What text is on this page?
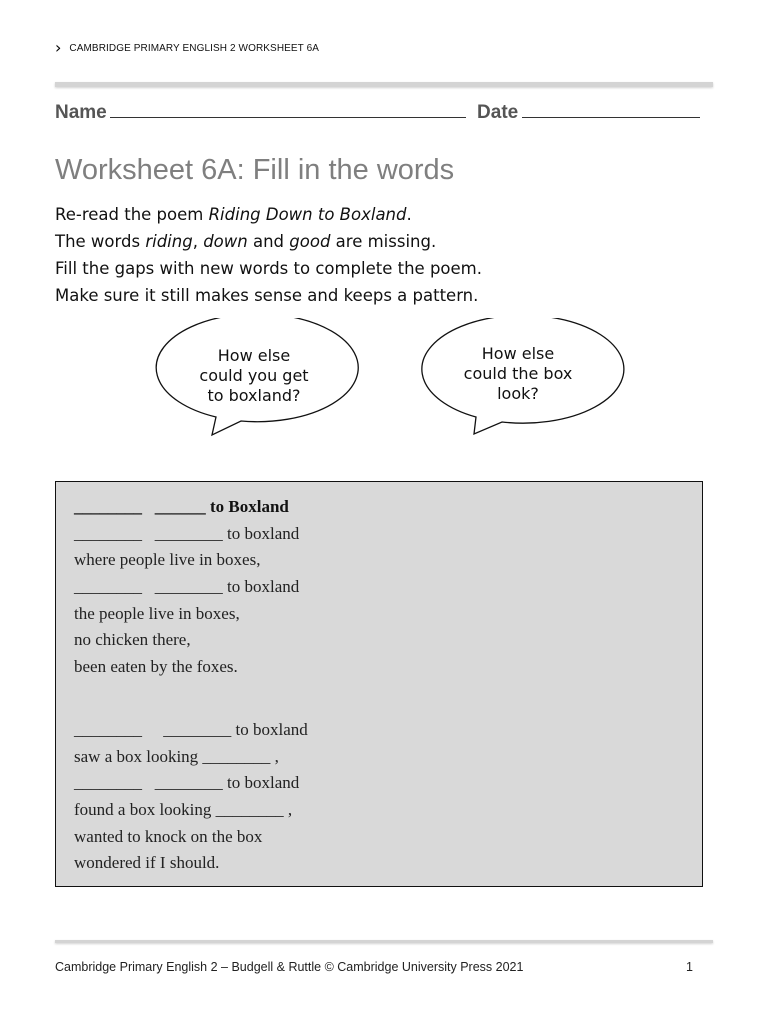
› CAMBRIDGE PRIMARY ENGLISH 2 WORKSHEET 6A
Name	Date
Worksheet 6A: Fill in the words

Re-read the poem Riding Down to Boxland.

The words riding, down and good are missing.

Fill the gaps with new words to complete the poem.

Make sure it still makes sense and keeps a pattern.

How else
could you get
to boxland?
How else
could the box
look?
________   ______ to Boxland
________   ________ to boxland
where people live in boxes,
________   ________ to boxland
the people live in boxes,
no chicken there,
been eaten by the foxes.
________     ________ to boxland
saw a box looking ________ ,
________   ________ to boxland
found a box looking ________ ,
wanted to knock on the box
wondered if I should.
Cambridge Primary English 2 – Budgell & Ruttle © Cambridge University Press 2021	1
